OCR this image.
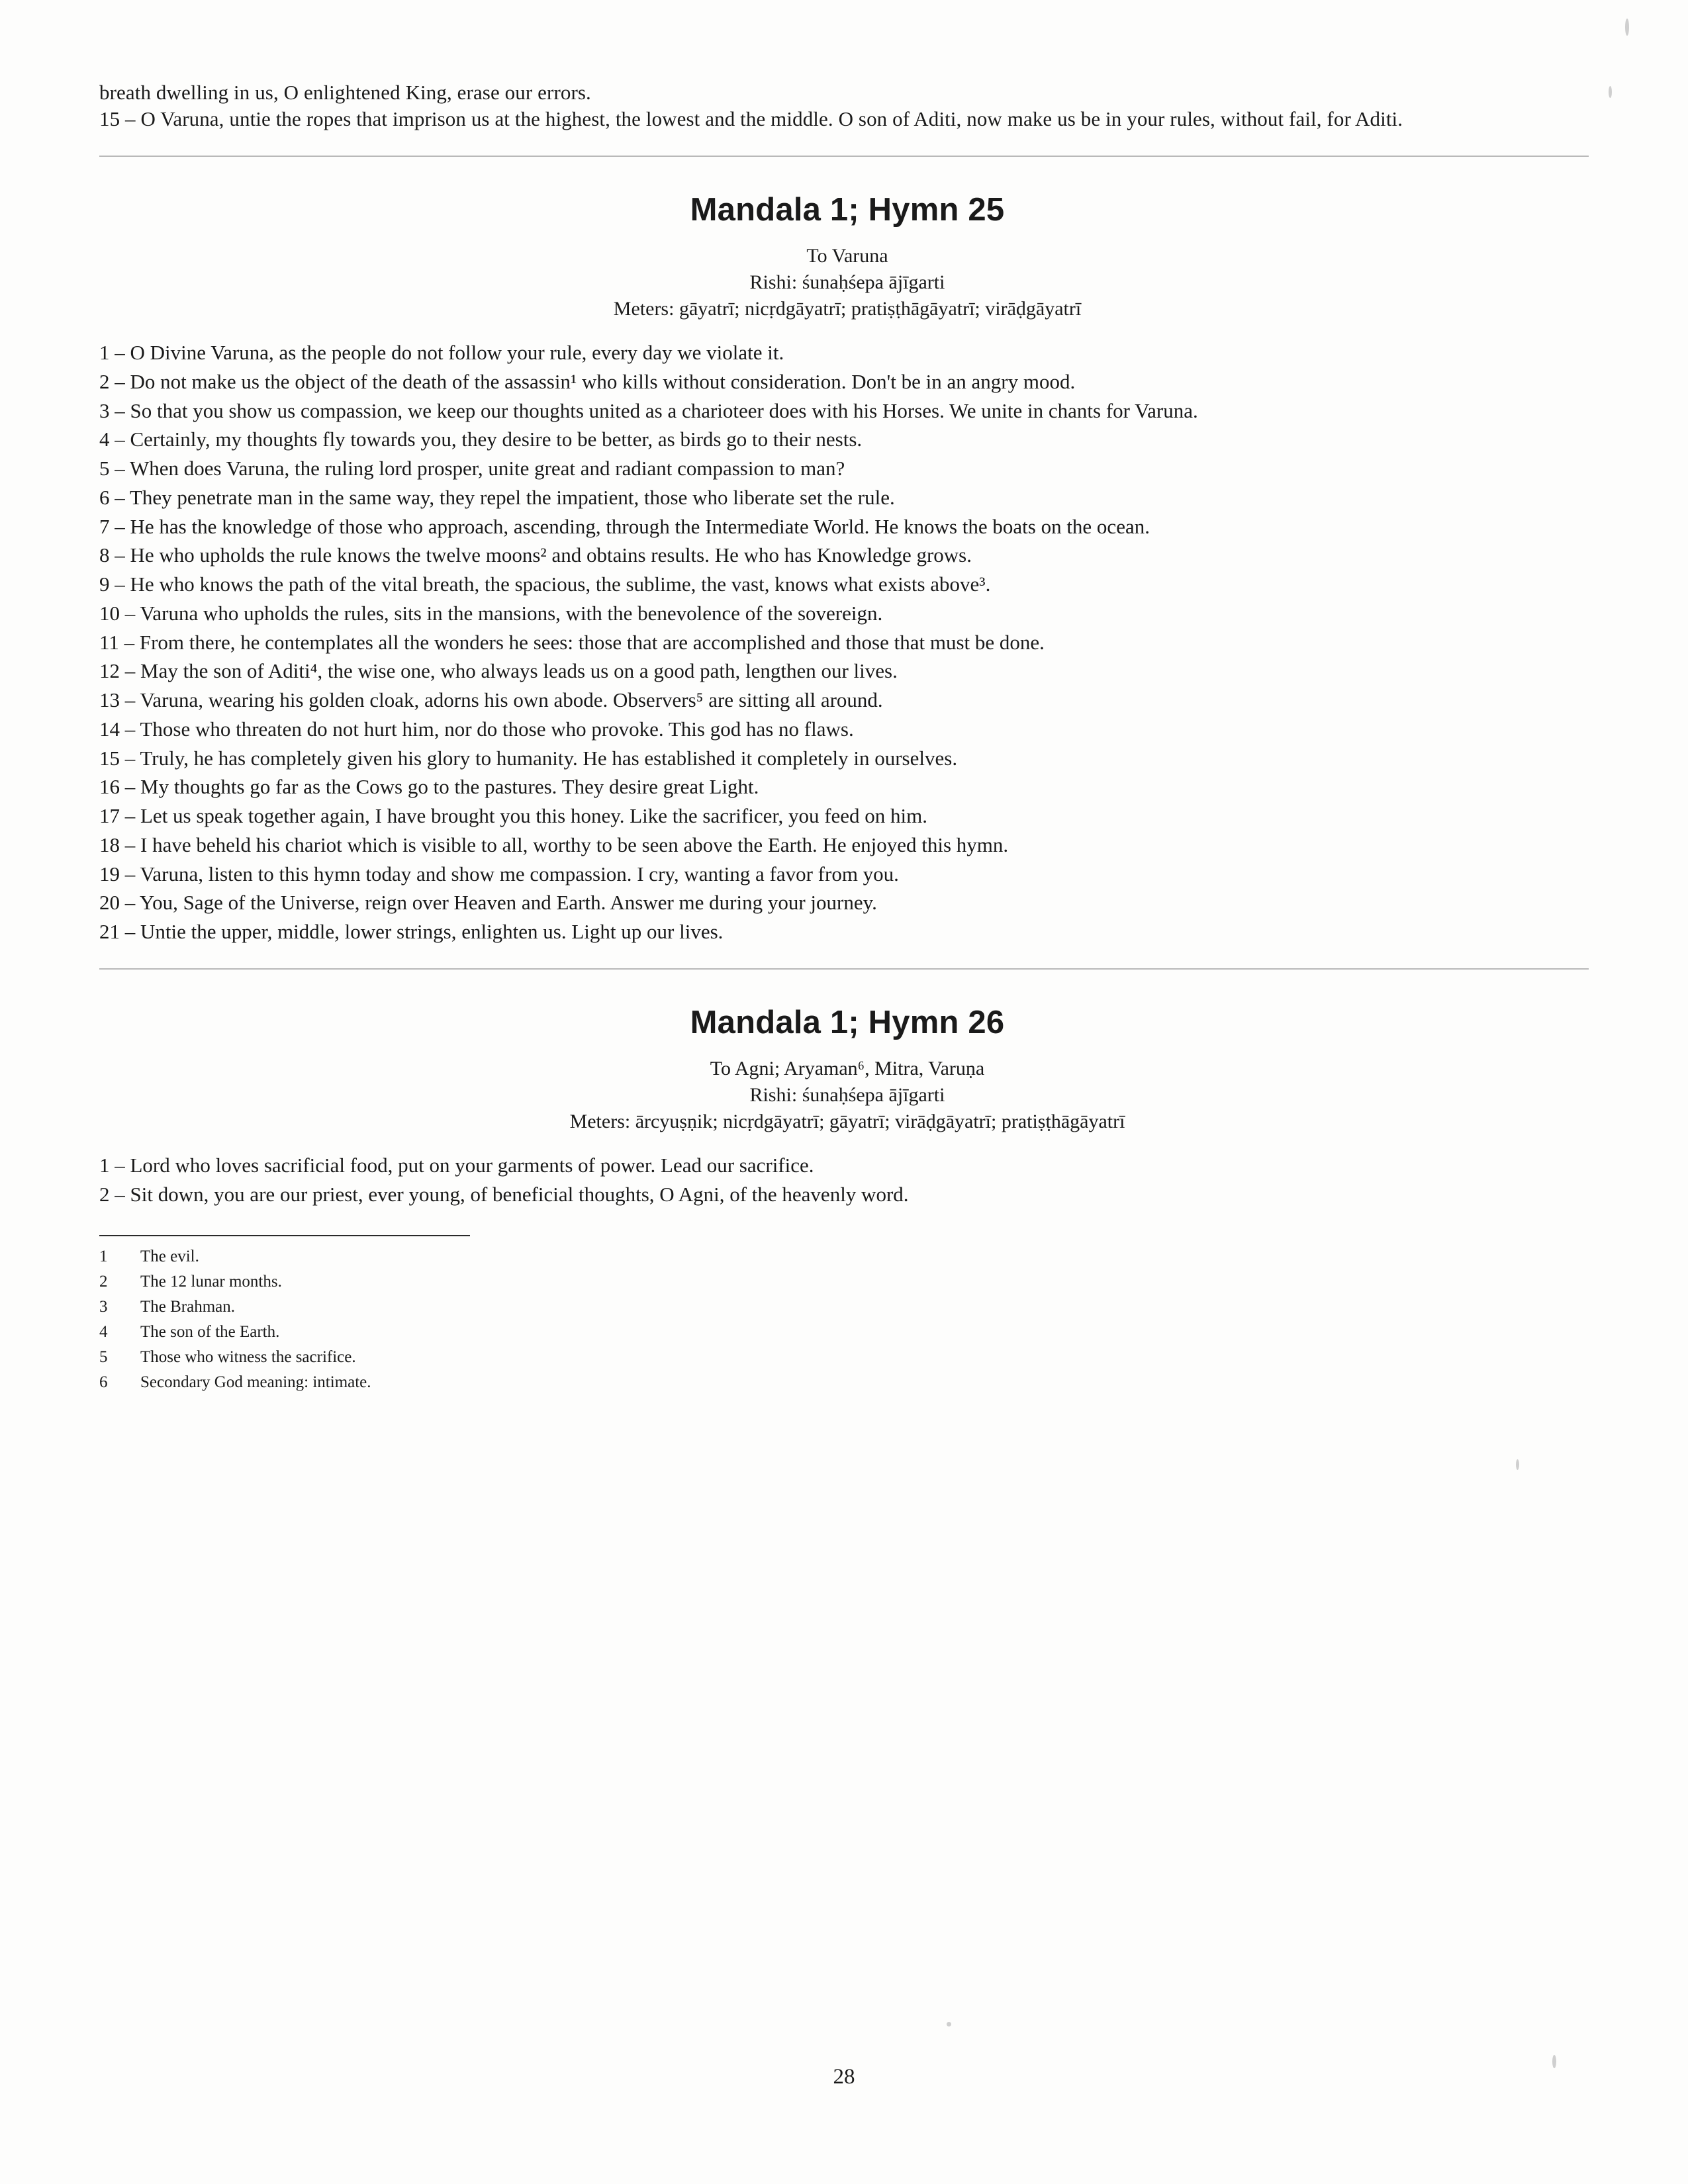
breath dwelling in us, O enlightened King, erase our errors.

15 – O Varuna, untie the ropes that imprison us at the highest, the lowest and the middle. O son of Aditi, now make us be in your rules, without fail, for Aditi.

Mandala 1; Hymn 25
To Varuna
Rishi: śunaḥśepa ājīgarti
Meters: gāyatrī; nicṛdgāyatrī; pratiṣṭhāgāyatrī; virāḍgāyatrī

1 – O Divine Varuna, as the people do not follow your rule, every day we violate it.

2 – Do not make us the object of the death of the assassin¹ who kills without consideration. Don't be in an angry mood.

3 – So that you show us compassion, we keep our thoughts united as a charioteer does with his Horses. We unite in chants for Varuna.

4 – Certainly, my thoughts fly towards you, they desire to be better, as birds go to their nests.

5 – When does Varuna, the ruling lord prosper, unite great and radiant compassion to man?

6 – They penetrate man in the same way, they repel the impatient, those who liberate set the rule.

7 – He has the knowledge of those who approach, ascending, through the Intermediate World. He knows the boats on the ocean.

8 – He who upholds the rule knows the twelve moons² and obtains results. He who has Knowledge grows.

9 – He who knows the path of the vital breath, the spacious, the sublime, the vast, knows what exists above³.

10 – Varuna who upholds the rules, sits in the mansions, with the benevolence of the sovereign.

11 – From there, he contemplates all the wonders he sees: those that are accomplished and those that must be done.

12 – May the son of Aditi⁴, the wise one, who always leads us on a good path, lengthen our lives.

13 – Varuna, wearing his golden cloak, adorns his own abode. Observers⁵ are sitting all around.

14 – Those who threaten do not hurt him, nor do those who provoke. This god has no flaws.

15 – Truly, he has completely given his glory to humanity. He has established it completely in ourselves.

16 – My thoughts go far as the Cows go to the pastures. They desire great Light.

17 – Let us speak together again, I have brought you this honey. Like the sacrificer, you feed on him.

18 – I have beheld his chariot which is visible to all, worthy to be seen above the Earth. He enjoyed this hymn.

19 – Varuna, listen to this hymn today and show me compassion. I cry, wanting a favor from you.

20 – You, Sage of the Universe, reign over Heaven and Earth. Answer me during your journey.

21 – Untie the upper, middle, lower strings, enlighten us. Light up our lives.

Mandala 1; Hymn 26
To Agni; Aryaman⁶, Mitra, Varuṇa
Rishi: śunaḥśepa ājīgarti
Meters: ārcyuṣṇik; nicṛdgāyatrī; gāyatrī; virāḍgāyatrī; pratiṣṭhāgāyatrī

1 – Lord who loves sacrificial food, put on your garments of power. Lead our sacrifice.

2 – Sit down, you are our priest, ever young, of beneficial thoughts, O Agni, of the heavenly word.

1	The evil.
2	The 12 lunar months.
3	The Brahman.
4	The son of the Earth.
5	Those who witness the sacrifice.
6	Secondary God meaning: intimate.
28
